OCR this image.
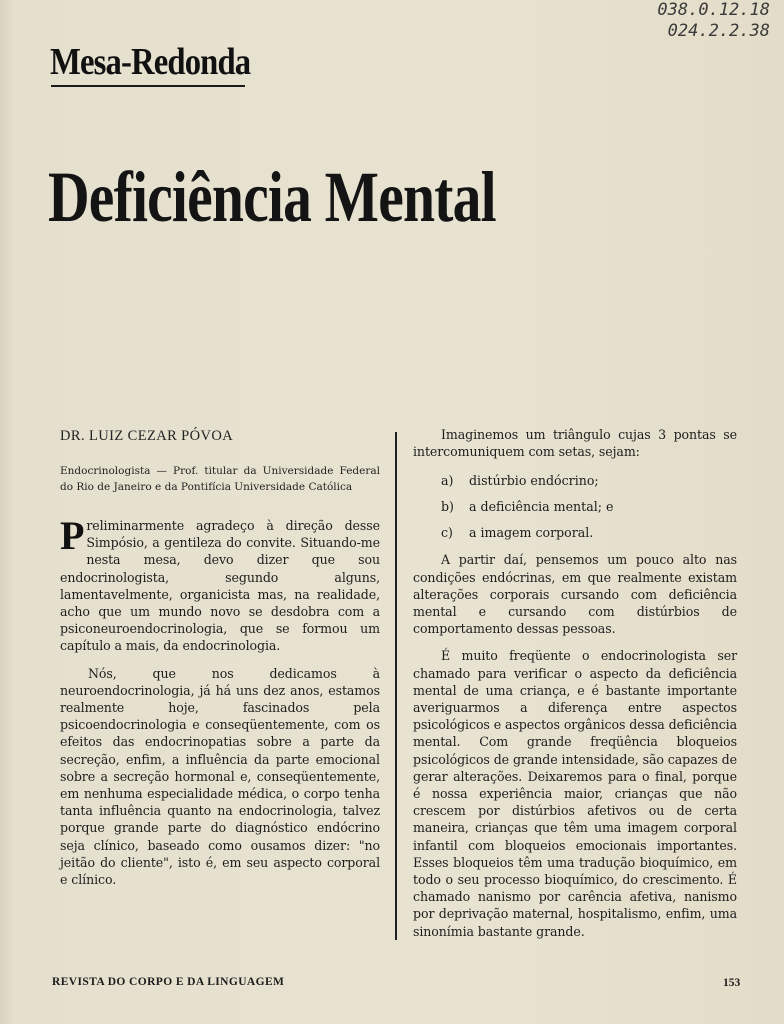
038.0.12.18
024.2.2.38
Mesa-Redonda
Deficiência Mental

DR. LUIZ CEZAR PÓVOA

Endocrinologista — Prof. titular da Universidade Federal do Rio de Janeiro e da Pontifícia Universidade Católica

Preliminarmente agradeço à direção desse Simpósio, a gentileza do convite. Situando-me nesta mesa, devo dizer que sou endocrinologista, segundo alguns, lamentavelmente, organicista mas, na realidade, acho que um mundo novo se desdobra com a psiconeuroendocrinologia, que se formou um capítulo a mais, da endocrinologia.

Nós, que nos dedicamos à neuroendocrinologia, já há uns dez anos, estamos realmente hoje, fascinados pela psicoendocrinologia e conseqüentemente, com os efeitos das endocrinopatias sobre a parte da secreção, enfim, a influência da parte emocional sobre a secreção hormonal e, conseqüentemente, em nenhuma especialidade médica, o corpo tenha tanta influência quanto na endocrinologia, talvez porque grande parte do diagnóstico endócrino seja clínico, baseado como ousamos dizer: "no jeitão do cliente", isto é, em seu aspecto corporal e clínico.

Imaginemos um triângulo cujas 3 pontas se intercomuniquem com setas, sejam:

a) distúrbio endócrino;
b) a deficiência mental; e
c) a imagem corporal.

A partir daí, pensemos um pouco alto nas condições endócrinas, em que realmente existam alterações corporais cursando com deficiência mental e cursando com distúrbios de comportamento dessas pessoas.

É muito freqüente o endocrinologista ser chamado para verificar o aspecto da deficiência mental de uma criança, e é bastante importante averiguarmos a diferença entre aspectos psicológicos e aspectos orgânicos dessa deficiência mental. Com grande freqüência bloqueios psicológicos de grande intensidade, são capazes de gerar alterações. Deixaremos para o final, porque é nossa experiência maior, crianças que não crescem por distúrbios afetivos ou de certa maneira, crianças que têm uma imagem corporal infantil com bloqueios emocionais importantes. Esses bloqueios têm uma tradução bioquímico, em todo o seu processo bioquímico, do crescimento. É chamado nanismo por carência afetiva, nanismo por deprivação maternal, hospitalismo, enfim, uma sinonímia bastante grande.

REVISTA DO CORPO E DA LINGUAGEM	153
